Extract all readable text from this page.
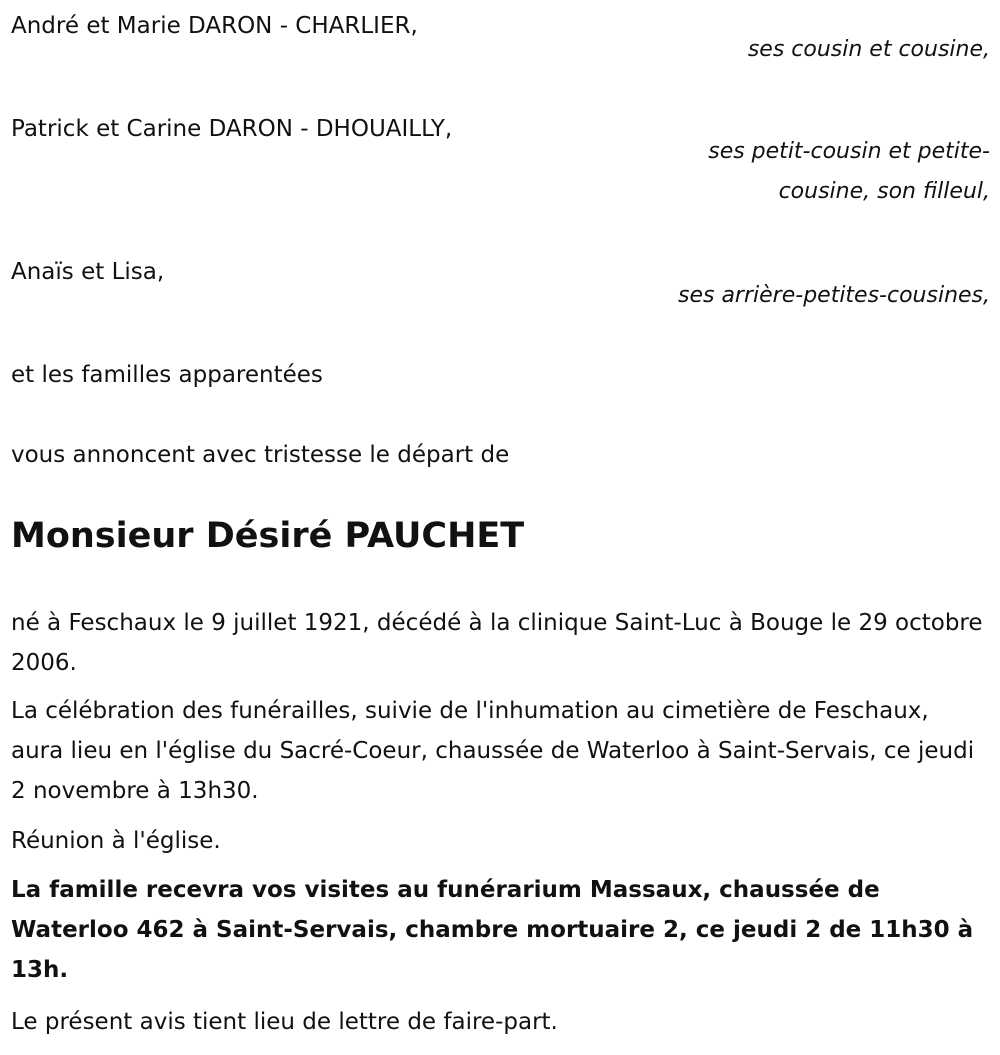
André et Marie DARON - CHARLIER,
ses cousin et cousine,
Patrick et Carine DARON - DHOUAILLY,
ses petit-cousin et petite-cousine, son filleul,
Anaïs et Lisa,
ses arrière-petites-cousines,
et les familles apparentées
vous annoncent avec tristesse le départ de
Monsieur Désiré PAUCHET
né à Feschaux le 9 juillet 1921, décédé à la clinique Saint-Luc à Bouge le 29 octobre 2006.
La célébration des funérailles, suivie de l'inhumation au cimetière de Feschaux, aura lieu en l'église du Sacré-Coeur, chaussée de Waterloo à Saint-Servais, ce jeudi 2 novembre à 13h30.
Réunion à l'église.
La famille recevra vos visites au funérarium Massaux, chaussée de Waterloo 462 à Saint-Servais, chambre mortuaire 2, ce jeudi 2 de 11h30 à 13h.
Le présent avis tient lieu de lettre de faire-part.
